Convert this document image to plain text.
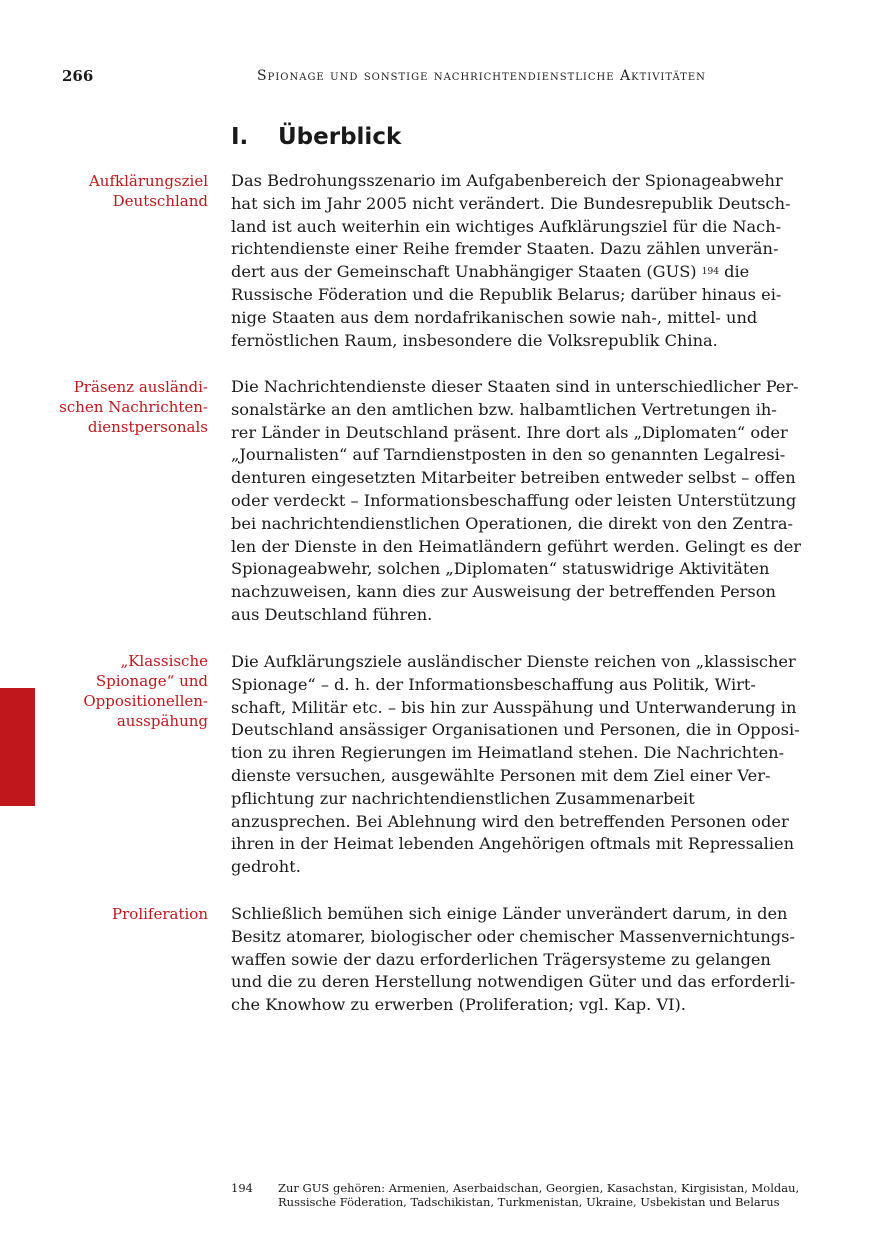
266	Spionage und sonstige nachrichtendienstliche Aktivitäten
I. Überblick
Aufklärungsziel
Deutschland
Das Bedrohungsszenario im Aufgabenbereich der Spionageabwehr
hat sich im Jahr 2005 nicht verändert. Die Bundesrepublik Deutsch-
land ist auch weiterhin ein wichtiges Aufklärungsziel für die Nach-
richtendienste einer Reihe fremder Staaten. Dazu zählen unverän-
dert aus der Gemeinschaft Unabhängiger Staaten (GUS) $^{194}$ die
Russische Föderation und die Republik Belarus; darüber hinaus ei-
nige Staaten aus dem nordafrikanischen sowie nah-, mittel- und
fernöstlichen Raum, insbesondere die Volksrepublik China.
Präsenz ausländi-
schen Nachrichten-
dienstpersonals
Die Nachrichtendienste dieser Staaten sind in unterschiedlicher Per-
sonalstärke an den amtlichen bzw. halbamtlichen Vertretungen ih-
rer Länder in Deutschland präsent. Ihre dort als „Diplomaten“ oder
„Journalisten“ auf Tarndienstposten in den so genannten Legalresi-
denturen eingesetzten Mitarbeiter betreiben entweder selbst – offen
oder verdeckt – Informationsbeschaffung oder leisten Unterstützung
bei nachrichtendienstlichen Operationen, die direkt von den Zentra-
len der Dienste in den Heimatländern geführt werden. Gelingt es der
Spionageabwehr, solchen „Diplomaten“ statuswidrige Aktivitäten
nachzuweisen, kann dies zur Ausweisung der betreffenden Person
aus Deutschland führen.
„Klassische
Spionage“ und
Oppositionellen-
ausspähung
Die Aufklärungsziele ausländischer Dienste reichen von „klassischer
Spionage“ – d. h. der Informationsbeschaffung aus Politik, Wirt-
schaft, Militär etc. – bis hin zur Ausspähung und Unterwanderung in
Deutschland ansässiger Organisationen und Personen, die in Opposi-
tion zu ihren Regierungen im Heimatland stehen. Die Nachrichten-
dienste versuchen, ausgewählte Personen mit dem Ziel einer Ver-
pflichtung zur nachrichtendienstlichen Zusammenarbeit
anzusprechen. Bei Ablehnung wird den betreffenden Personen oder
ihren in der Heimat lebenden Angehörigen oftmals mit Repressalien
gedroht.
Proliferation Schließlich bemühen sich einige Länder unverändert darum, in den
Besitz atomarer, biologischer oder chemischer Massenvernichtungs-
waffen sowie der dazu erforderlichen Trägersysteme zu gelangen
und die zu deren Herstellung notwendigen Güter und das erforderli-
che Knowhow zu erwerben (Proliferation; vgl. Kap. VI).
194 Zur GUS gehören: Armenien, Aserbaidschan, Georgien, Kasachstan, Kirgisistan, Moldau,
Russische Föderation, Tadschikistan, Turkmenistan, Ukraine, Usbekistan und Belarus
